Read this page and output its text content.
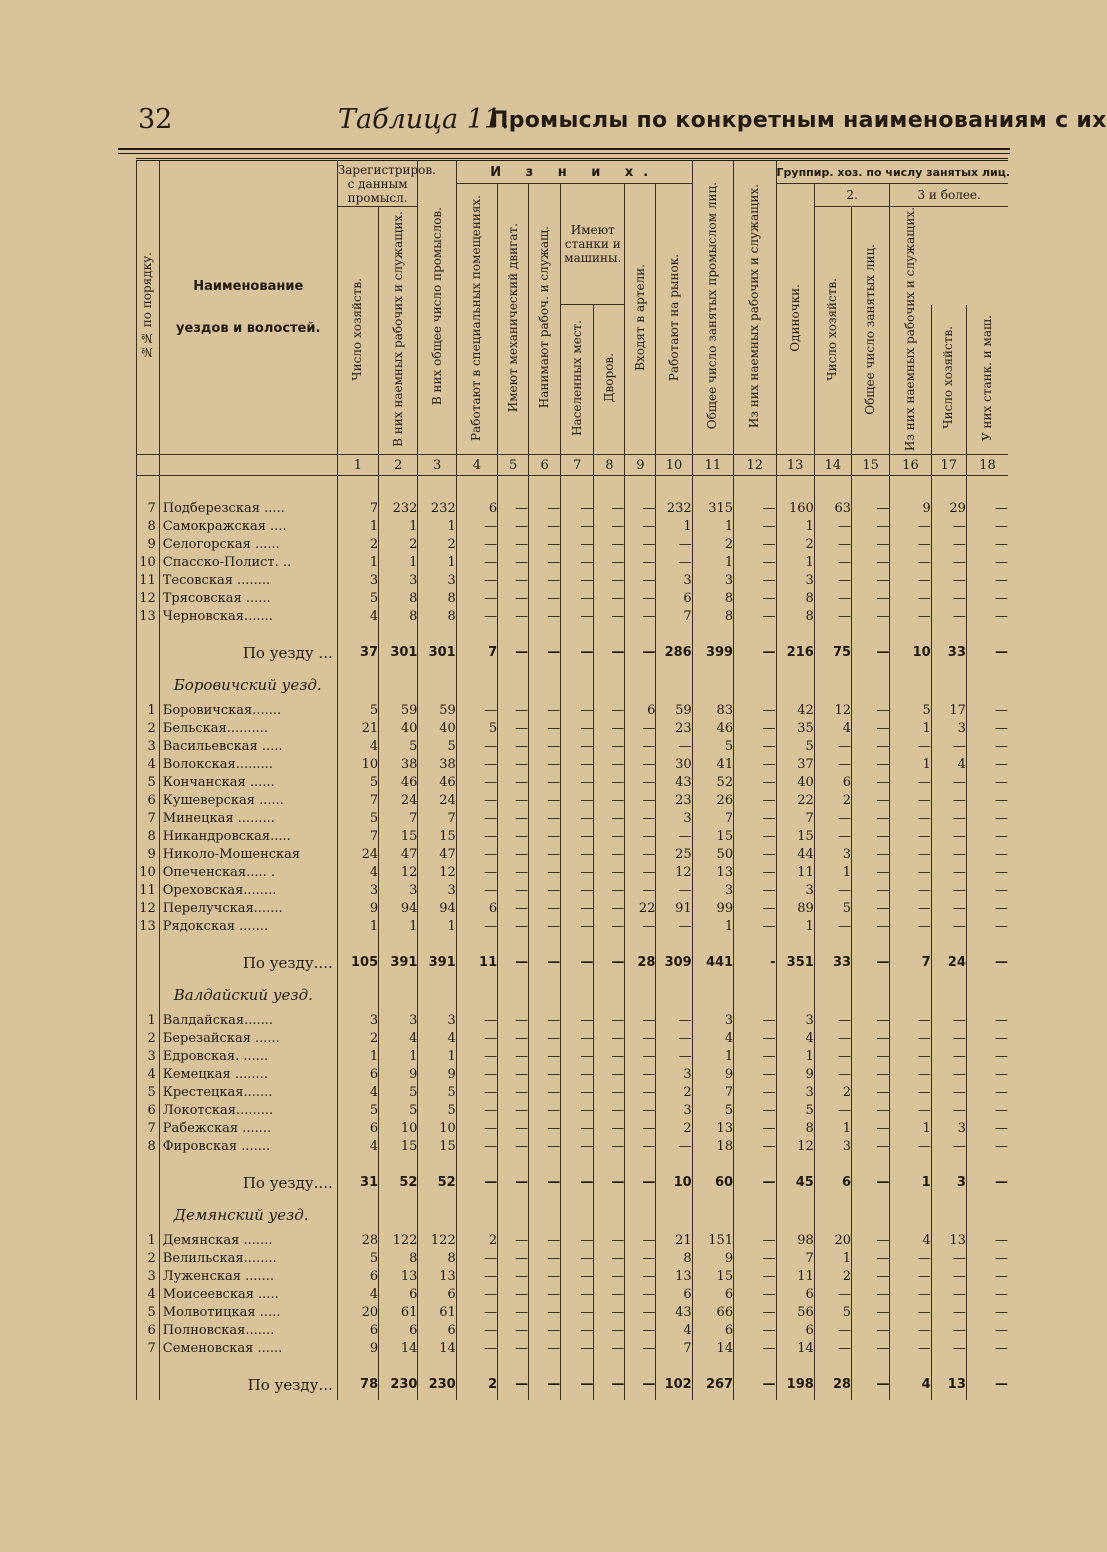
32	Таблица 11.
Промыслы по конкретным наименованиям с их
№№ по порядку.	Наименование уездов и волостей.	Зарегистриров. с данным промысл.		В них общее число промыслов.	И з н и х.							Общее число занятых промыслом лиц.	Из них наемных рабочих и служащих.	Группир. хоз. по числу занятых лиц.					
					Работают в специальных помещениях.	Имеют механический двигат.	Нанимают рабоч. и служащ.	Имеют станки и машины.		Входят в артели.	Работают на рынок.			Одиночки.	2.		3 и более.		
		Число хозяйств.	В них наемных рабочих и служащих.												Число хозяйств.	Общее число занятых лиц.	Из них наемных рабочих и служащих.		
								Населенных мест.	Дворов.									Число хозяйств.	У них станк. и маш.
		1	2	3	4	5	6	7	8	9	10	11	12	13	14	15	16	17	18

7	Подберезская .....	7	232	232	6	—	—	—	—	—	232	315	—	160	63	—	9	29	—
8	Самокражская ....	1	1	1	—	—	—	—	—	—	1	1	—	1	—	—	—	—	—
9	Селогорская ......	2	2	2	—	—	—	—	—	—	—	2	—	2	—	—	—	—	—
10	Спасско-Полист. ..	1	1	1	—	—	—	—	—	—	—	1	—	1	—	—	—	—	—
11	Тесовская ........	3	3	3	—	—	—	—	—	—	3	3	—	3	—	—	—	—	—
12	Трясовская ......	5	8	8	—	—	—	—	—	—	6	8	—	8	—	—	—	—	—
13	Черновская.......	4	8	8	—	—	—	—	—	—	7	8	—	8	—	—	—	—	—

	По уезду ...	37	301	301	7	—	—	—	—	—	286	399	—	216	75	—	10	33	—
	Боровичский уезд.																		
1	Боровичская.......	5	59	59	—	—	—	—	—	6	59	83	—	42	12	—	5	17	—
2	Бельская..........	21	40	40	5	—	—	—	—	—	23	46	—	35	4	—	1	3	—
3	Васильевская .....	4	5	5	—	—	—	—	—	—	—	5	—	5	—	—	—	—	—
4	Волокская.........	10	38	38	—	—	—	—	—	—	30	41	—	37	—	—	1	4	—
5	Кончанская ......	5	46	46	—	—	—	—	—	—	43	52	—	40	6	—	—	—	—
6	Кушеверская ......	7	24	24	—	—	—	—	—	—	23	26	—	22	2	—	—	—	—
7	Минецкая .........	5	7	7	—	—	—	—	—	—	3	7	—	7	—	—	—	—	—
8	Никандровская.....	7	15	15	—	—	—	—	—	—	—	15	—	15	—	—	—	—	—
9	Николо-Мошенская	24	47	47	—	—	—	—	—	—	25	50	—	44	3	—	—	—	—
10	Опеченская..... .	4	12	12	—	—	—	—	—	—	12	13	—	11	1	—	—	—	—
11	Ореховская........	3	3	3	—	—	—	—	—	—	—	3	—	3	—	—	—	—	—
12	Перелучская.......	9	94	94	6	—	—	—	—	22	91	99	—	89	5	—	—	—	—
13	Рядокская .......	1	1	1	—	—	—	—	—	—	—	1	—	1	—	—	—	—	—

	По уезду....	105	391	391	11	—	—	—	—	28	309	441	-	351	33	—	7	24	—
	Валдайский уезд.																		
1	Валдайская.......	3	3	3	—	—	—	—	—	—	—	3	—	3	—	—	—	—	—
2	Березайская ......	2	4	4	—	—	—	—	—	—	—	4	—	4	—	—	—	—	—
3	Едровская. ......	1	1	1	—	—	—	—	—	—	—	1	—	1	—	—	—	—	—
4	Кемецкая ........	6	9	9	—	—	—	—	—	—	3	9	—	9	—	—	—	—	—
5	Крестецкая.......	4	5	5	—	—	—	—	—	—	2	7	—	3	2	—	—	—	—
6	Локотская.........	5	5	5	—	—	—	—	—	—	3	5	—	5	—	—	—	—	—
7	Рабежская .......	6	10	10	—	—	—	—	—	—	2	13	—	8	1	—	1	3	—
8	Фировская .......	4	15	15	—	—	—	—	—	—	—	18	—	12	3	—	—	—	—

	По уезду....	31	52	52	—	—	—	—	—	—	10	60	—	45	6	—	1	3	—
	Демянский уезд.																		
1	Демянская .......	28	122	122	2	—	—	—	—	—	21	151	—	98	20	—	4	13	—
2	Велильская........	5	8	8	—	—	—	—	—	—	8	9	—	7	1	—	—	—	—
3	Луженская .......	6	13	13	—	—	—	—	—	—	13	15	—	11	2	—	—	—	—
4	Моисеевская .....	4	6	6	—	—	—	—	—	—	6	6	—	6	—	—	—	—	—
5	Молвотицкая .....	20	61	61	—	—	—	—	—	—	43	66	—	56	5	—	—	—	—
6	Полновская.......	6	6	6	—	—	—	—	—	—	4	6	—	6	—	—	—	—	—
7	Семеновская ......	9	14	14	—	—	—	—	—	—	7	14	—	14	—	—	—	—	—

	По уезду...	78	230	230	2	—	—	—	—	—	102	267	—	198	28	—	4	13	—
